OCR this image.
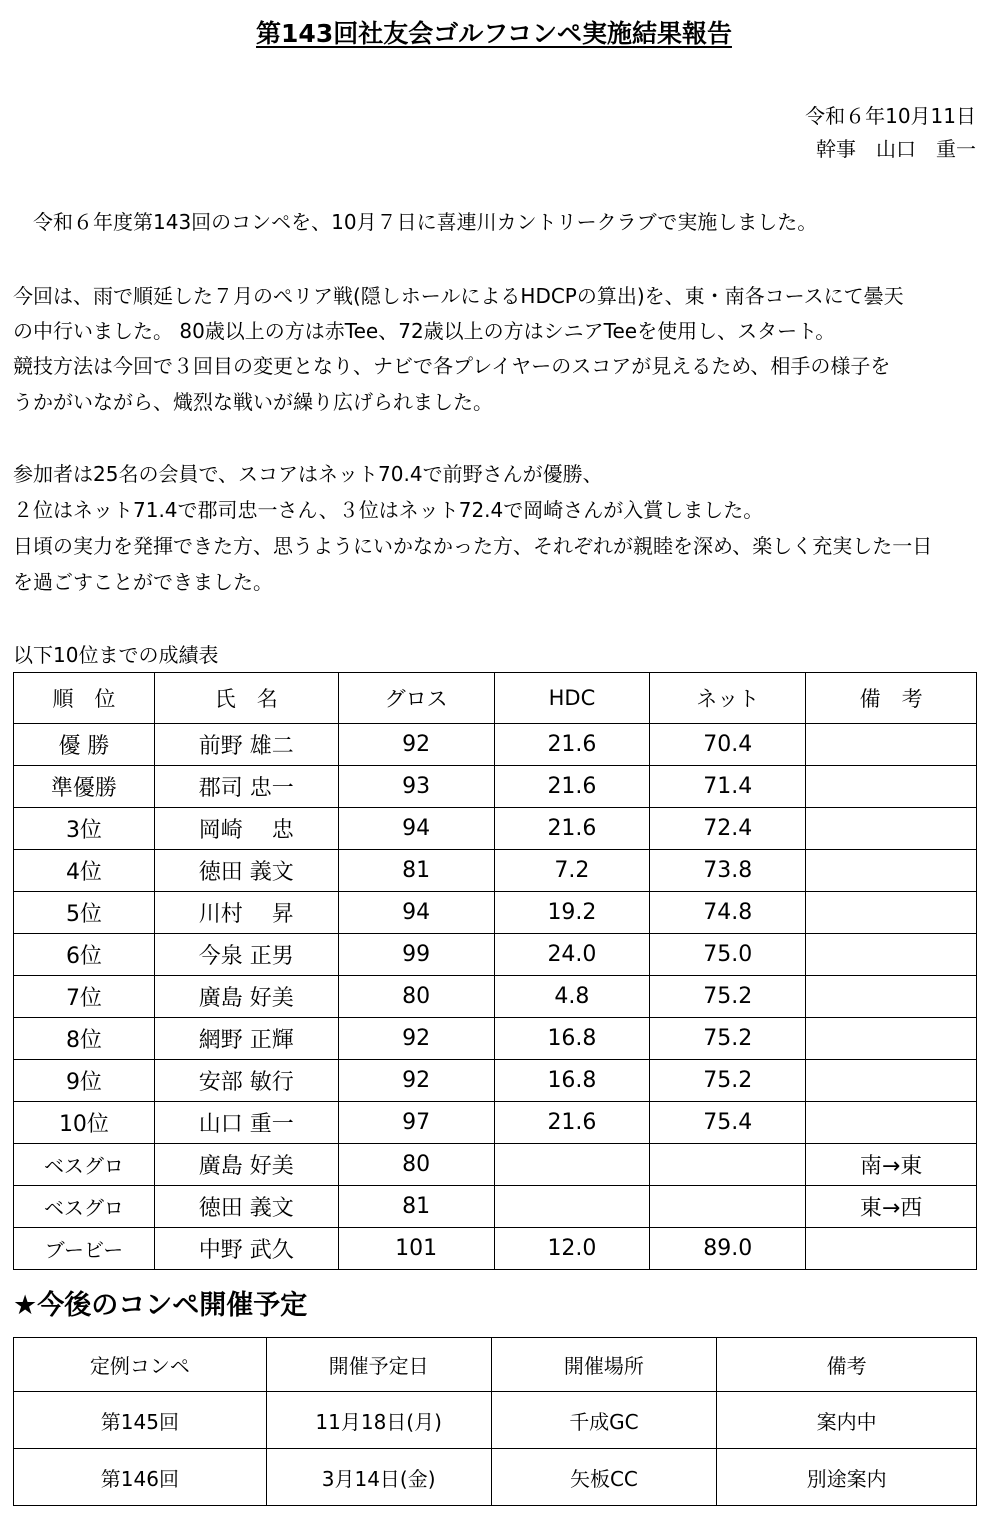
第143回社友会ゴルフコンペ実施結果報告
令和６年10月11日
幹事　山口　重一

　令和６年度第143回のコンペを、10月７日に喜連川カントリークラブで実施しました。

今回は、雨で順延した７月のぺリア戦(隠しホールによるHDCPの算出)を、東・南各コースにて曇天

の中行いました。 80歳以上の方は赤Tee、72歳以上の方はシニアTeeを使用し、スタート。

競技方法は今回で３回目の変更となり、ナビで各プレイヤーのスコアが見えるため、相手の様子を

うかがいながら、熾烈な戦いが繰り広げられました。

参加者は25名の会員で、スコアはネット70.4で前野さんが優勝、

２位はネット71.4で郡司忠一さん、３位はネット72.4で岡崎さんが入賞しました。

日頃の実力を発揮できた方、思うようにいかなかった方、それぞれが親睦を深め、楽しく充実した一日

を過ごすことができました。

以下10位までの成績表
順　位	氏　名	グロス	HDC	ネット	備　考
優 勝	前野 雄二	92	21.6	70.4	
準優勝	郡司 忠一	93	21.6	71.4	
3位	岡崎　 忠	94	21.6	72.4	
4位	徳田 義文	81	7.2	73.8	
5位	川村　 昇	94	19.2	74.8	
6位	今泉 正男	99	24.0	75.0	
7位	廣島 好美	80	4.8	75.2	
8位	網野 正輝	92	16.8	75.2	
9位	安部 敏行	92	16.8	75.2	
10位	山口 重一	97	21.6	75.4	
ベスグロ	廣島 好美	80			南→東
ベスグロ	徳田 義文	81			東→西
ブービー	中野 武久	101	12.0	89.0	
★今後のコンペ開催予定
定例コンペ	開催予定日	開催場所	備考
第145回	11月18日(月)	千成GC	案内中
第146回	3月14日(金)	矢板CC	別途案内
